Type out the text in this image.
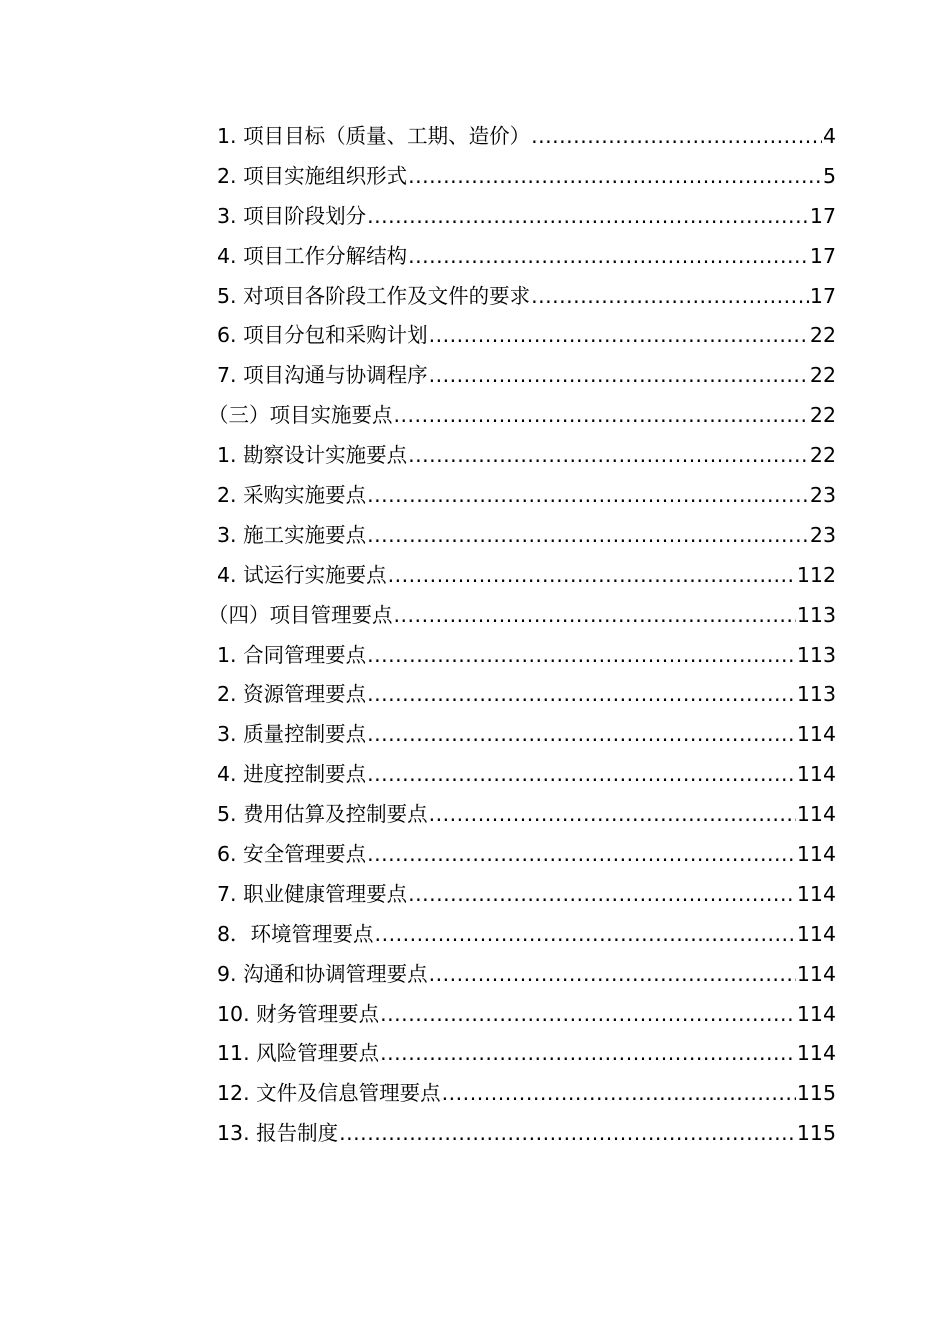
1. 项目目标（质量、工期、造价） .....	4
2. 项目实施组织形式 .....	5
3. 项目阶段划分 .....	17
4. 项目工作分解结构 .....	17
5. 对项目各阶段工作及文件的要求 .....	17
6. 项目分包和采购计划 .....	22
7. 项目沟通与协调程序 .....	22
（三）项目实施要点 .....	22
1. 勘察设计实施要点 .....	22
2. 采购实施要点 .....	23
3. 施工实施要点 .....	23
4. 试运行实施要点 .....	112
（四）项目管理要点 .....	113
1. 合同管理要点 .....	113
2. 资源管理要点 .....	113
3. 质量控制要点 .....	114
4. 进度控制要点 .....	114
5. 费用估算及控制要点 .....	114
6. 安全管理要点 .....	114
7. 职业健康管理要点 .....	114
8．环境管理要点 .....	114
9. 沟通和协调管理要点 .....	114
10. 财务管理要点 .....	114
11. 风险管理要点 .....	114
12. 文件及信息管理要点 .....	115
13. 报告制度 .....	115
